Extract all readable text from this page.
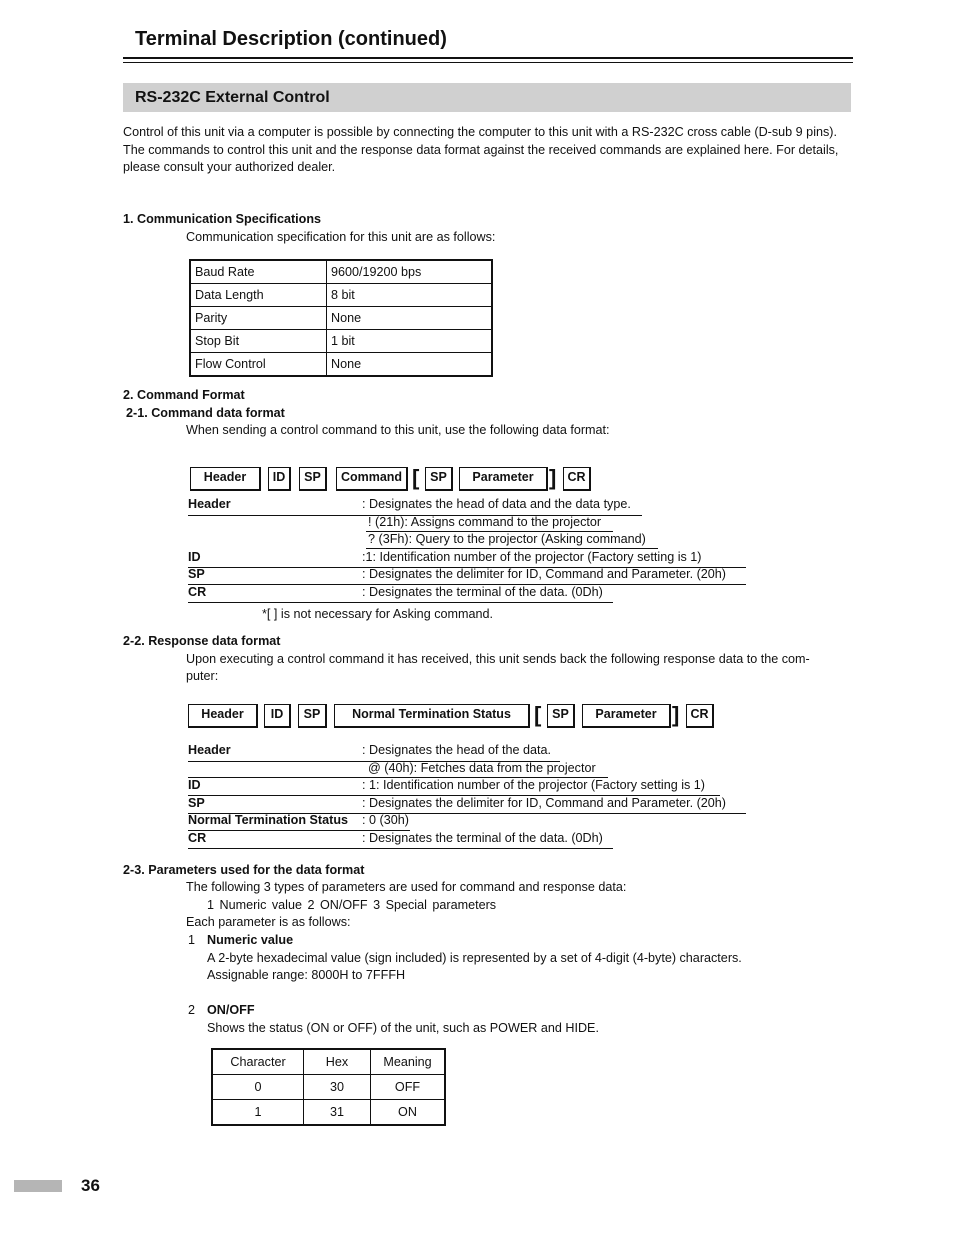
Terminal Description (continued)
RS-232C External Control
Control of this unit via a computer is possible by connecting the computer to this unit with a RS-232C cross cable (D-sub 9 pins). The commands to control this unit and the response data format against the received commands are explained here. For details, please consult your authorized dealer.
1. Communication Specifications
Communication specification for this unit are as follows:
Baud Rate	9600/19200 bps
Data Length	8 bit
Parity	None
Stop Bit	1 bit
Flow Control	None
2. Command Format
2-1. Command data format
When sending a control command to this unit, use the following data format:
Header	ID	SP	Command [ SP	Parameter ] CR
Header	: Designates the head of data and the data type.
! (21h): Assigns command to the projector
? (3Fh): Query to the projector (Asking command)
ID	:1: Identification number of the projector (Factory setting is 1)
SP	: Designates the delimiter for ID, Command and Parameter. (20h)
CR	: Designates the terminal of the data. (0Dh)
*[ ] is not necessary for Asking command.
2-2. Response data format
Upon executing a control command it has received, this unit sends back the following response data to the com-
puter:
Header	ID	SP	Normal Termination Status	[ SP	Parameter ] CR
Header	: Designates the head of the data.
@ (40h): Fetches data from the projector
ID	: 1: Identification number of the projector (Factory setting is 1)
SP	: Designates the delimiter for ID, Command and Parameter. (20h)
Normal Termination Status : 0 (30h)
CR	: Designates the terminal of the data. (0Dh)
2-3. Parameters used for the data format
The following 3 types of parameters are used for command and response data:
1 Numeric value 2 ON/OFF 3 Special parameters
Each parameter is as follows:
1 Numeric value
A 2-byte hexadecimal value (sign included) is represented by a set of 4-digit (4-byte) characters.
Assignable range: 8000H to 7FFFH
2 ON/OFF
Shows the status (ON or OFF) of the unit, such as POWER and HIDE.
Character	Hex	Meaning
0	30	OFF
1	31	ON
36
